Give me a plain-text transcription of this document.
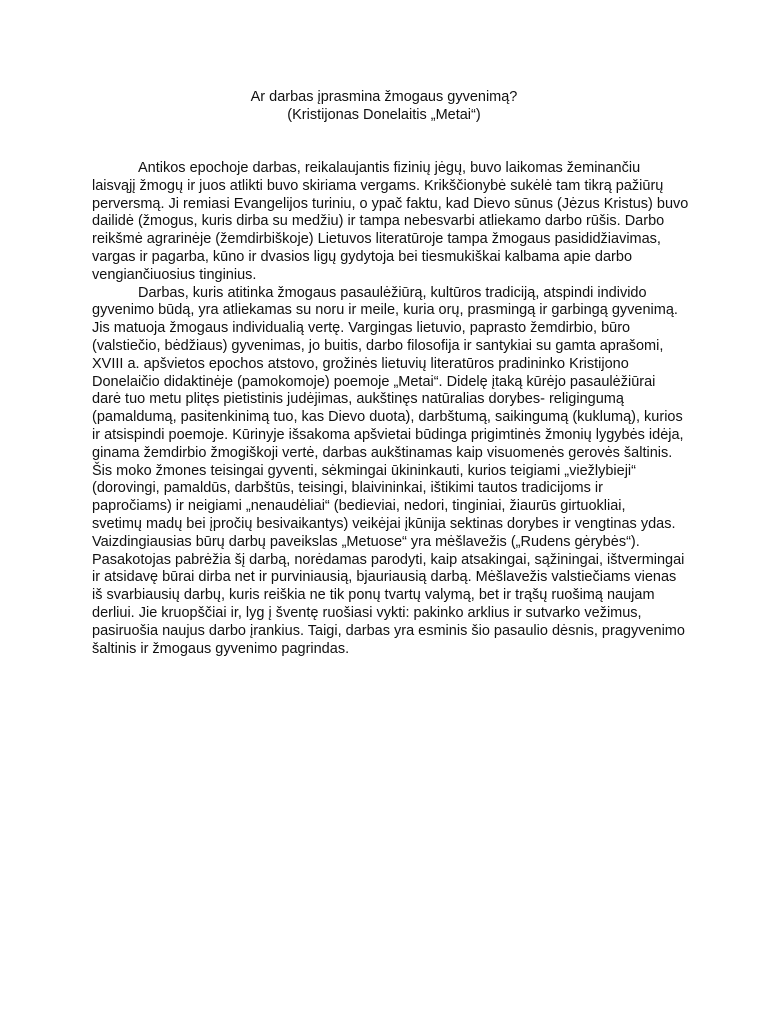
Ar darbas įprasmina žmogaus gyvenimą?
(Kristijonas Donelaitis „Metai“)
Antikos epochoje darbas, reikalaujantis fizinių jėgų, buvo laikomas žeminančiu
laisvąjį žmogų ir juos atlikti buvo skiriama vergams. Krikščionybė sukėlė tam tikrą pažiūrų
perversmą. Ji remiasi Evangelijos turiniu, o ypač faktu, kad Dievo sūnus (Jėzus Kristus) buvo
dailidė (žmogus, kuris dirba su medžiu) ir tampa nebesvarbi atliekamo darbo rūšis. Darbo
reikšmė agrarinėje (žemdirbiškoje) Lietuvos literatūroje tampa žmogaus pasididžiavimas,
vargas ir pagarba, kūno ir dvasios ligų gydytoja bei tiesmukiškai kalbama apie darbo
vengiančiuosius tinginius.
Darbas, kuris atitinka žmogaus pasaulėžiūrą, kultūros tradiciją, atspindi individo
gyvenimo būdą, yra atliekamas su noru ir meile, kuria orų, prasmingą ir garbingą gyvenimą.
Jis matuoja žmogaus individualią vertę. Vargingas lietuvio, paprasto žemdirbio, būro
(valstiečio, bėdžiaus) gyvenimas, jo buitis, darbo filosofija ir santykiai su gamta aprašomi,
XVIII a. apšvietos epochos atstovo, grožinės lietuvių literatūros pradininko Kristijono
Donelaičio didaktinėje (pamokomoje) poemoje „Metai“. Didelę įtaką kūrėjo pasaulėžiūrai
darė tuo metu plitęs pietistinis judėjimas, aukštinęs natūralias dorybes- religingumą
(pamaldumą, pasitenkinimą tuo, kas Dievo duota), darbštumą, saikingumą (kuklumą), kurios
ir atsispindi poemoje. Kūrinyje išsakoma apšvietai būdinga prigimtinės žmonių lygybės idėja,
ginama žemdirbio žmogiškoji vertė, darbas aukštinamas kaip visuomenės gerovės šaltinis.
Šis moko žmones teisingai gyventi, sėkmingai ūkininkauti, kurios teigiami „viežlybieji“
(dorovingi, pamaldūs, darbštūs, teisingi, blaivininkai, ištikimi tautos tradicijoms ir
papročiams) ir neigiami „nenaudėliai“ (bedieviai, nedori, tinginiai, žiaurūs girtuokliai,
svetimų madų bei įpročių besivaikantys) veikėjai įkūnija sektinas dorybes ir vengtinas ydas.
Vaizdingiausias būrų darbų paveikslas „Metuose“ yra mėšlavežis („Rudens gėrybės“).
Pasakotojas pabrėžia šį darbą, norėdamas parodyti, kaip atsakingai, sąžiningai, ištvermingai
ir atsidavę būrai dirba net ir purviniausią, bjauriausią darbą. Mėšlavežis valstiečiams vienas
iš svarbiausių darbų, kuris reiškia ne tik ponų tvartų valymą, bet ir trąšų ruošimą naujam
derliui. Jie kruopščiai ir, lyg į šventę ruošiasi vykti: pakinko arklius ir sutvarko vežimus,
pasiruošia naujus darbo įrankius. Taigi, darbas yra esminis šio pasaulio dėsnis, pragyvenimo
šaltinis ir žmogaus gyvenimo pagrindas.
